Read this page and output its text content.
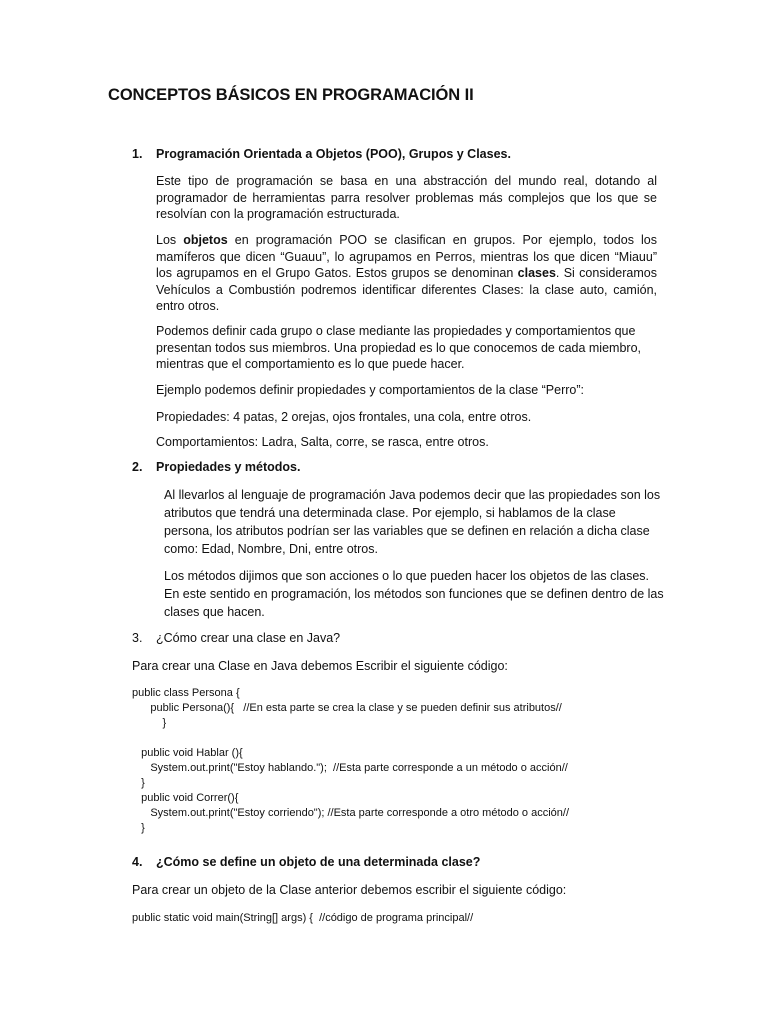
CONCEPTOS BÁSICOS EN PROGRAMACIÓN II
1. Programación Orientada a Objetos (POO), Grupos y Clases.

Este tipo de programación se basa en una abstracción del mundo real, dotando al programador de herramientas parra resolver problemas más complejos que los que se resolvían con la programación estructurada.

Los objetos en programación POO se clasifican en grupos. Por ejemplo, todos los mamíferos que dicen “Guauu”, lo agrupamos en Perros, mientras los que dicen “Miauu” los agrupamos en el Grupo Gatos. Estos grupos se denominan clases. Si consideramos Vehículos a Combustión podremos identificar diferentes Clases: la clase auto, camión, entro otros.

Podemos definir cada grupo o clase mediante las propiedades y comportamientos que presentan todos sus miembros. Una propiedad es lo que conocemos de cada miembro, mientras que el comportamiento es lo que puede hacer.

Ejemplo podemos definir propiedades y comportamientos de la clase “Perro”:

Propiedades: 4 patas, 2 orejas, ojos frontales, una cola, entre otros.

Comportamientos: Ladra, Salta, corre, se rasca, entre otros.

2. Propiedades y métodos.

Al llevarlos al lenguaje de programación Java podemos decir que las propiedades son los atributos que tendrá una determinada clase. Por ejemplo, si hablamos de la clase persona, los atributos podrían ser las variables que se definen en relación a dicha clase como: Edad, Nombre, Dni, entre otros.

Los métodos dijimos que son acciones o lo que pueden hacer los objetos de las clases. En este sentido en programación, los métodos son funciones que se definen dentro de las clases que hacen.

3. ¿Cómo crear una clase en Java?

Para crear una Clase en Java debemos Escribir el siguiente código:

public class Persona {
public Persona(){   //En esta parte se crea la clase y se pueden definir sus atributos//
}

public void Hablar (){
System.out.print("Estoy hablando.");  //Esta parte corresponde a un método o acción//
}
public void Correr(){
System.out.print("Estoy corriendo"); //Esta parte corresponde a otro método o acción//
}
4. ¿Cómo se define un objeto de una determinada clase?

Para crear un objeto de la Clase anterior debemos escribir el siguiente código:

public static void main(String[] args) {  //código de programa principal//
